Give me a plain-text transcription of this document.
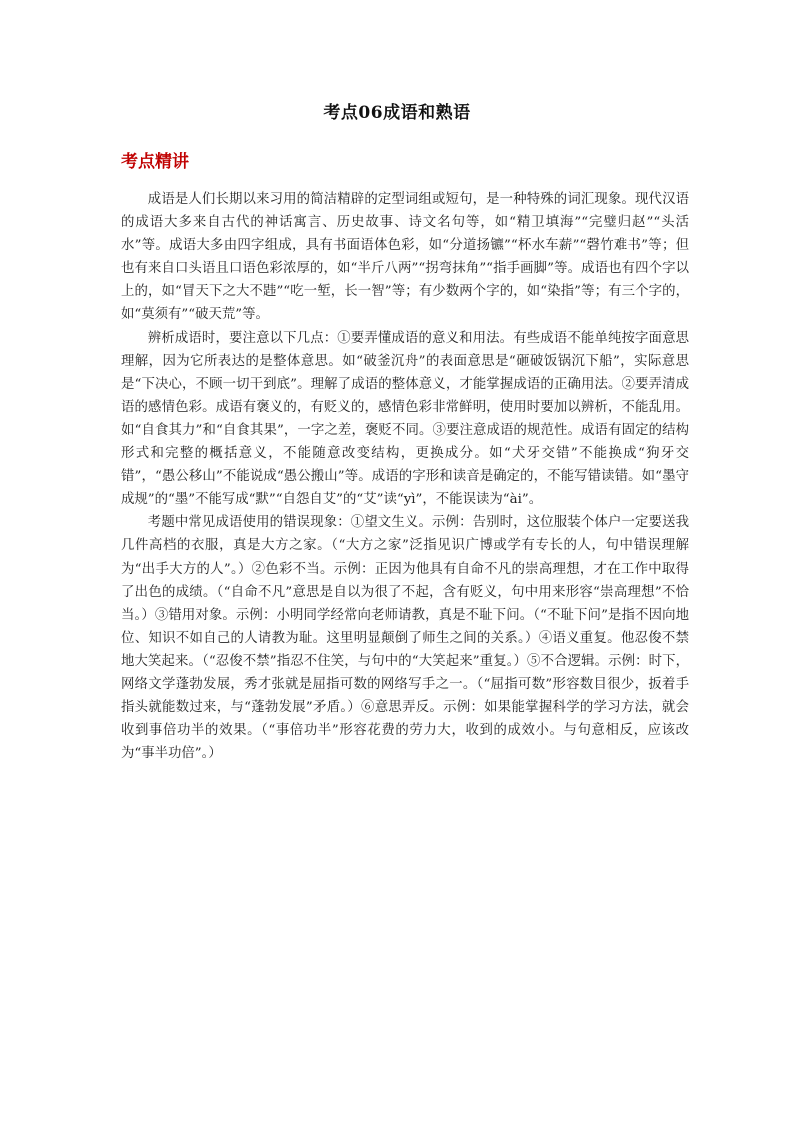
考点06成语和熟语
考点精讲

成语是人们长期以来习用的简洁精辟的定型词组或短句，是一种特殊的词汇现象。现代汉语的成语大多来自古代的神话寓言、历史故事、诗文名句等，如“精卫填海”“完璧归赵”“头活水”等。成语大多由四字组成，具有书面语体色彩，如“分道扬镳”“杯水车薪”“磬竹难书”等；但也有来自口头语且口语色彩浓厚的，如“半斤八两”“拐弯抹角”“指手画脚”等。成语也有四个字以上的，如“冒天下之大不韪”“吃一堑，长一智”等；有少数两个字的，如“染指”等；有三个字的，如“莫须有”“破天荒”等。

辨析成语时，要注意以下几点：①要弄懂成语的意义和用法。有些成语不能单纯按字面意思理解，因为它所表达的是整体意思。如“破釜沉舟”的表面意思是“砸破饭锅沉下船”，实际意思是“下决心，不顾一切干到底”。理解了成语的整体意义，才能掌握成语的正确用法。②要弄清成语的感情色彩。成语有褒义的，有贬义的，感情色彩非常鲜明，使用时要加以辨析，不能乱用。如“自食其力”和“自食其果”，一字之差，褒贬不同。③要注意成语的规范性。成语有固定的结构形式和完整的概括意义，不能随意改变结构，更换成分。如“犬牙交错”不能换成“狗牙交错”，“愚公移山”不能说成“愚公搬山”等。成语的字形和读音是确定的，不能写错读错。如“墨守成规”的“墨”不能写成“默”“自怨自艾”的“艾”读“yì”，不能误读为“ài”。

考题中常见成语使用的错误现象：①望文生义。示例：告别时，这位服装个体户一定要送我几件高档的衣服，真是大方之家。（“大方之家”泛指见识广博或学有专长的人，句中错误理解为“出手大方的人”。）②色彩不当。示例：正因为他具有自命不凡的崇高理想，才在工作中取得了出色的成绩。（“自命不凡”意思是自以为很了不起，含有贬义，句中用来形容“崇高理想”不恰当。）③错用对象。示例：小明同学经常向老师请教，真是不耻下问。（“不耻下问”是指不因向地位、知识不如自己的人请教为耻。这里明显颠倒了师生之间的关系。）④语义重复。他忍俊不禁地大笑起来。（“忍俊不禁”指忍不住笑，与句中的“大笑起来”重复。）⑤不合逻辑。示例：时下，网络文学蓬勃发展，秀才张就是屈指可数的网络写手之一。（“屈指可数”形容数目很少，扳着手指头就能数过来，与“蓬勃发展”矛盾。）⑥意思弄反。示例：如果能掌握科学的学习方法，就会收到事倍功半的效果。（“事倍功半”形容花费的劳力大，收到的成效小。与句意相反，应该改为“事半功倍”。）
